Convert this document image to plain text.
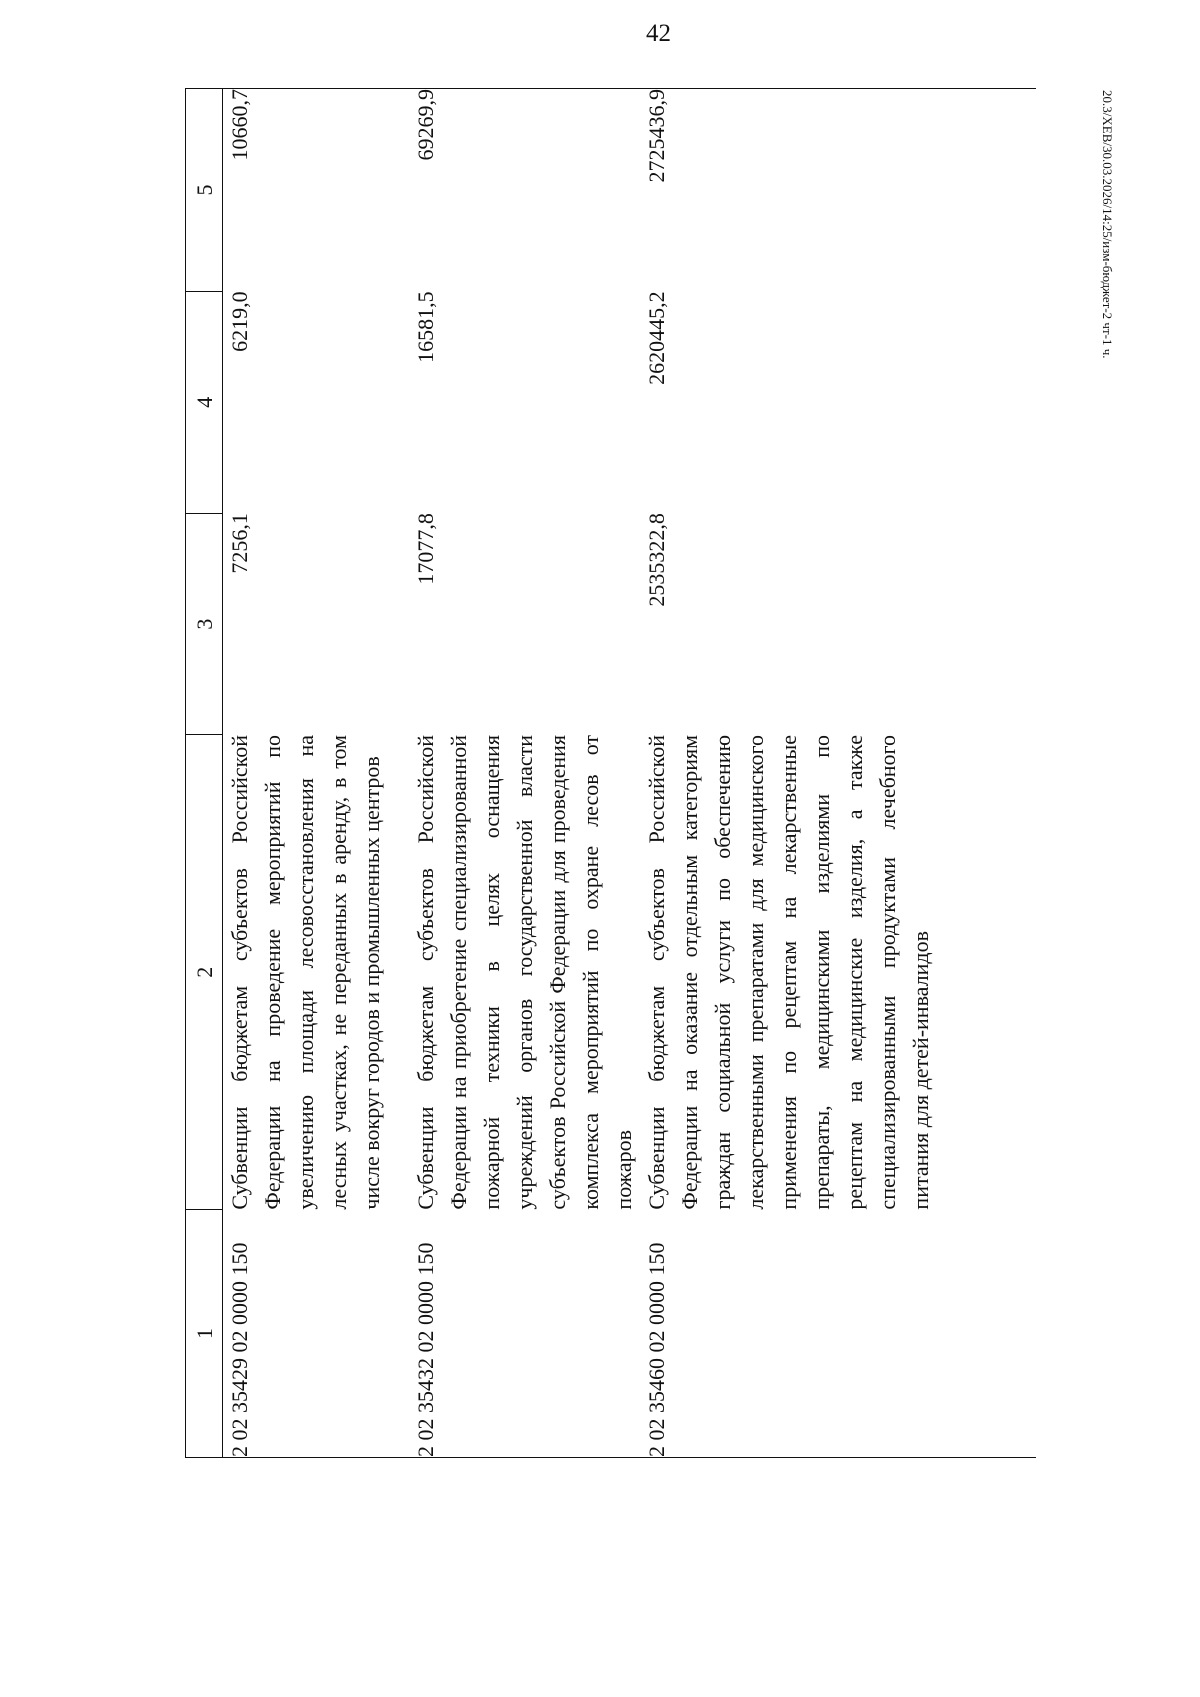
42
20.3/XEB/30.03.2026/14:25/изм-бюджет-2 чт-1 ч.
1	2	3	4	5
2 02 35429 02 0000 150	Субвенции бюджетам субъектов Российской Федерации на проведение мероприятий по увеличению площади лесовосстановления на лесных участках, не переданных в аренду, в том числе вокруг городов и промышленных центров	7256,1	6219,0	10660,7
2 02 35432 02 0000 150	Субвенции бюджетам субъектов Российской Федерации на приобретение специализированной пожарной техники в целях оснащения учреждений органов государственной власти субъектов Российской Федерации для проведения комплекса мероприятий по охране лесов от пожаров	17077,8	16581,5	69269,9
2 02 35460 02 0000 150	Субвенции бюджетам субъектов Российской Федерации на оказание отдельным категориям граждан социальной услуги по обеспечению лекарственными препаратами для медицинского применения по рецептам на лекарственные препараты, медицинскими изделиями по рецептам на медицинские изделия, а также специализированными продуктами лечебного питания для детей-инвалидов	2535322,8	2620445,2	2725436,9
